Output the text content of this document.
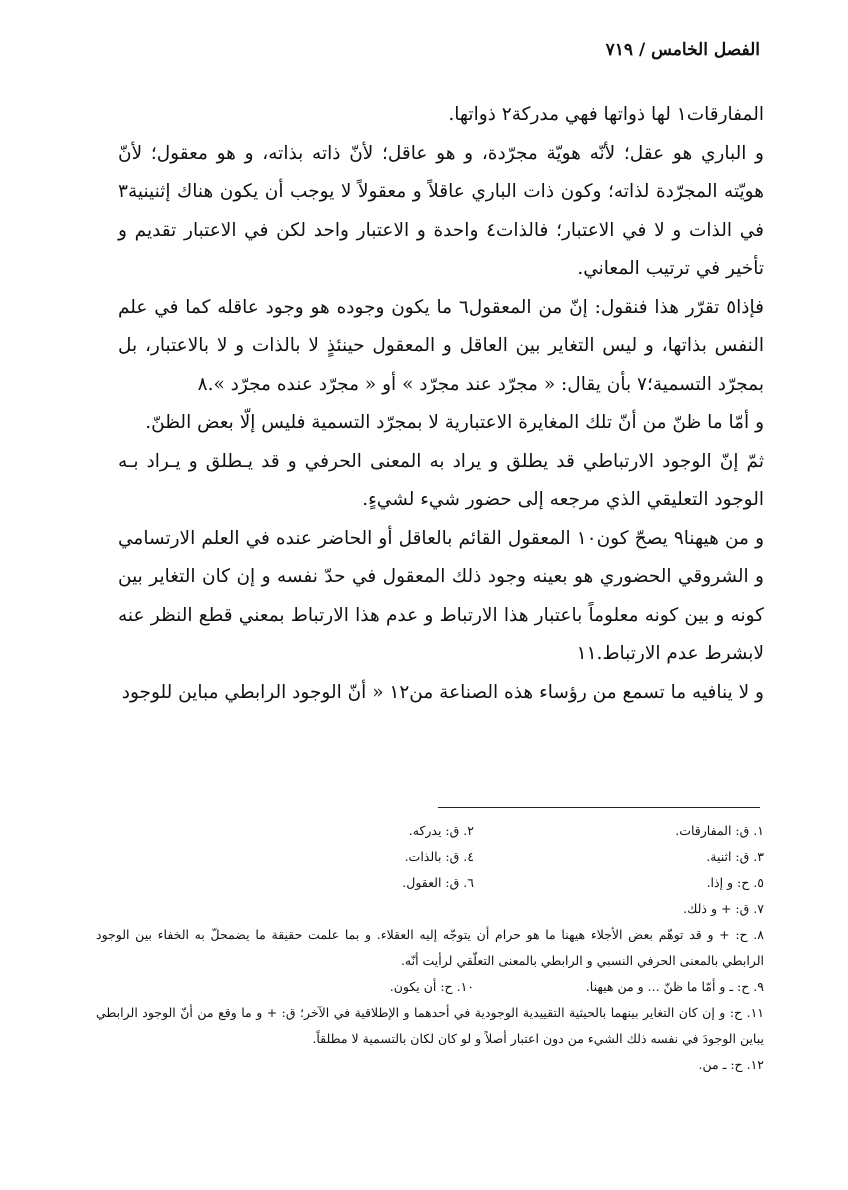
الفصل الخامس / ٧١٩

المفارقات١ لها ذواتها فهي مدركة٢ ذواتها.

و الباري هو عقل؛ لأنّه هويّة مجرّدة، و هو عاقل؛ لأنّ ذاته بذاته، و هو معقول؛ لأنّ هويّته المجرّدة لذاته؛ وكون ذات الباري عاقلاً و معقولاً لا يوجب أن يكون هناك إثنينية٣ في الذات و لا في الاعتبار؛ فالذات٤ واحدة و الاعتبار واحد لكن في الاعتبار تقديم و تأخير في ترتيب المعاني.

فإذا٥ تقرّر هذا فنقول: إنّ من المعقول٦ ما يكون وجوده هو وجود عاقله كما في علم النفس بذاتها، و ليس التغاير بين العاقل و المعقول حينئذٍ لا بالذات و لا بالاعتبار، بل بمجرّد التسمية؛٧ بأن يقال: « مجرّد عند مجرّد » أو « مجرّد عنده مجرّد ».٨

و أمّا ما ظنّ من أنّ تلك المغايرة الاعتبارية لا بمجرّد التسمية فليس إلّا بعض الظنّ.

ثمّ إنّ الوجود الارتباطي قد يطلق و يراد به المعنى الحرفي و قد يـطلق و يـراد بـه الوجود التعليقي الذي مرجعه إلى حضور شيء لشيءٍ.

و من هيهنا٩ يصحّ كون١٠ المعقول القائم بالعاقل أو الحاضر عنده في العلم الارتسامي و الشروقي الحضوري هو بعينه وجود ذلك المعقول في حدّ نفسه و إن كان التغاير بين كونه و بين كونه معلوماً باعتبار هذا الارتباط و عدم هذا الارتباط بمعني قطع النظر عنه لابشرط عدم الارتباط.١١

و لا ينافيه ما تسمع من رؤساء هذه الصناعة من١٢ « أنّ الوجود الرابطي مباين للوجود

١. ق: المفارقات.
٢. ق: يدركه.
٣. ق: اثنية.
٤. ق: بالذات.
٥. ح: و إذا.
٦. ق: العقول.
٧. ق: + و ذلك.
٨. ح: + و قد توهّم بعض الأجلاء هيهنا ما هو حرام أن يتوجّه إليه العقلاء. و بما علمت حقيقة ما يضمحلّ به الخفاء بين الوجود الرابطي بالمعنى الحرفي النسبي و الرابطي بالمعنى التعلّقي لرأيت أنّه.
٩. ح: ـ و أمّا ما ظنّ ... و من هيهنا.
١٠. ح: أن يكون.
١١. ح: و إن كان التغاير بينهما بالحيثية التقييدية الوجودية في أحدهما و الإطلاقية في الآخر؛ ق: + و ما وقع من أنّ الوجود الرابطي يباين الوجودَ في نفسه ذلك الشيء من دون اعتبار أصلاً و لو كان لكان بالتسمية لا مطلقاً.
١٢. ح: ـ من.
